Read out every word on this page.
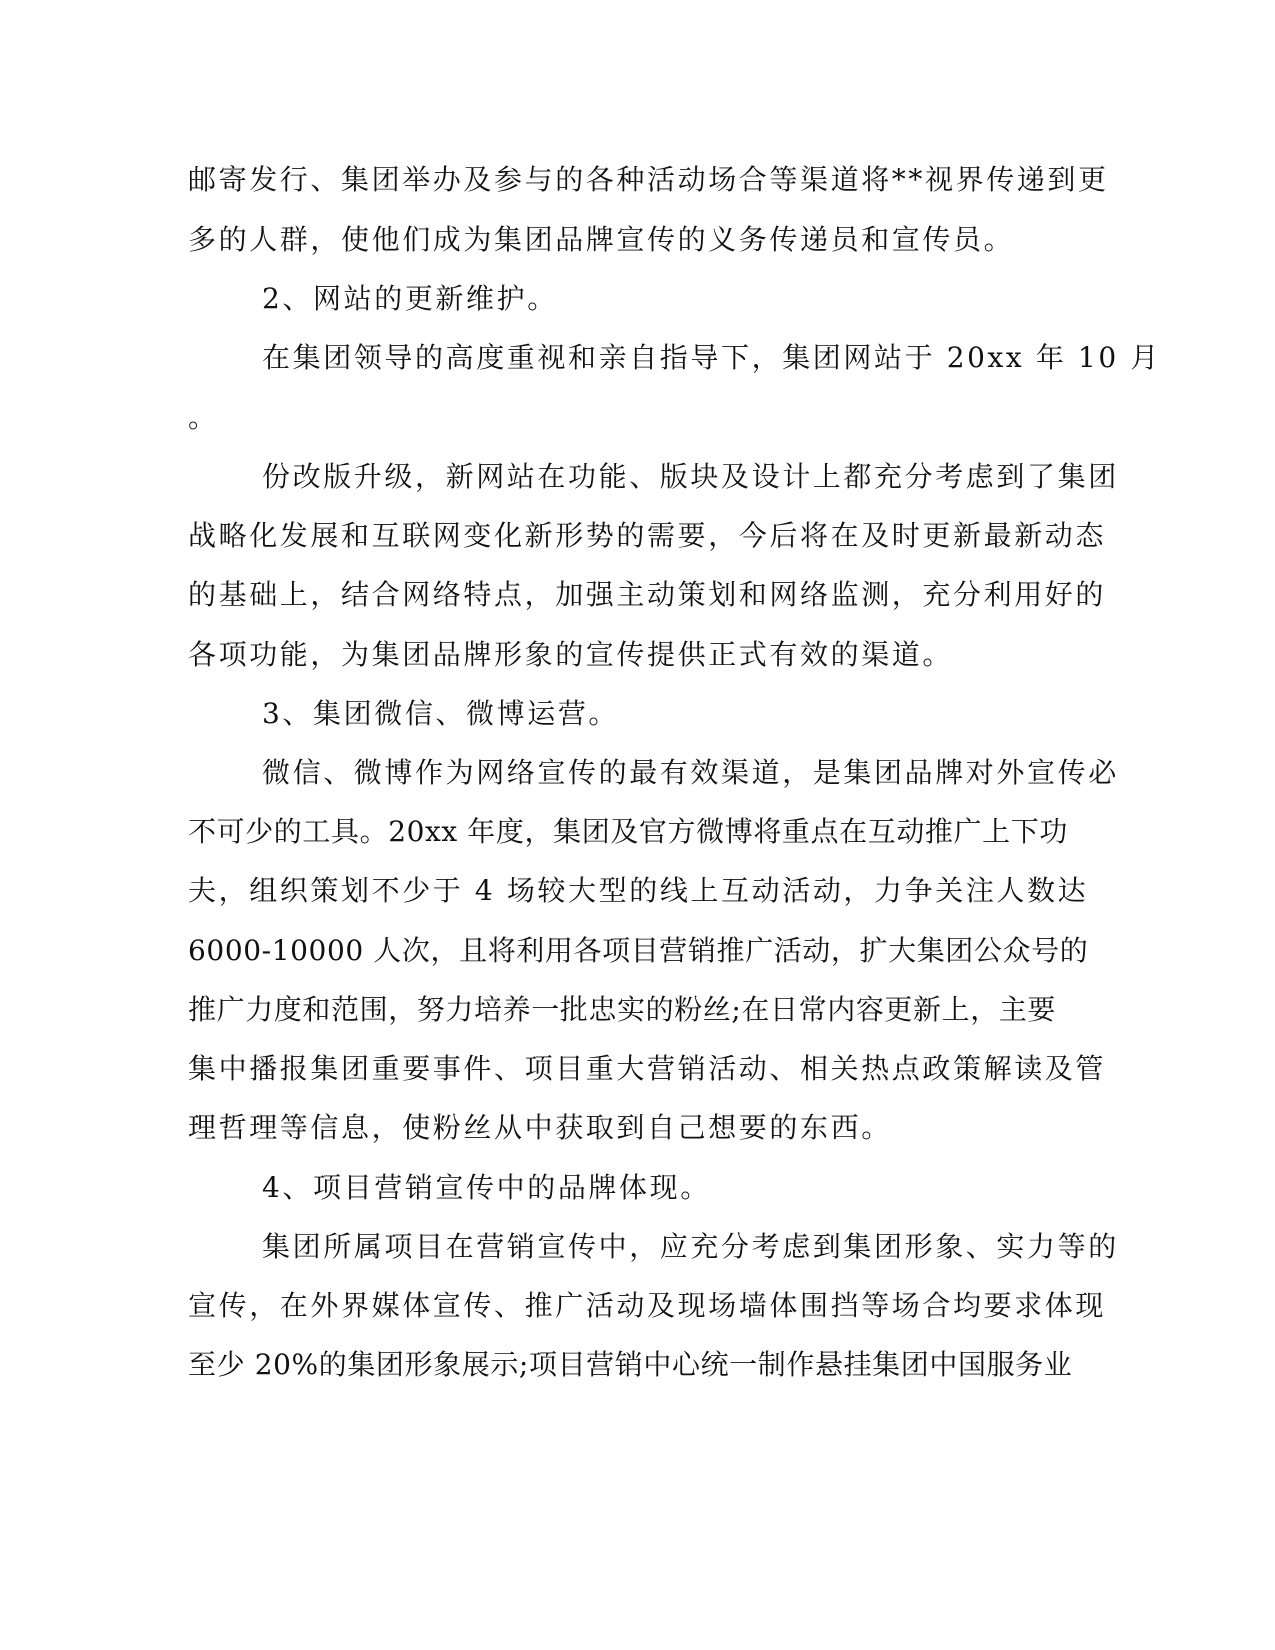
邮寄发行、集团举办及参与的各种活动场合等渠道将**视界传递到更
多的人群，使他们成为集团品牌宣传的义务传递员和宣传员。
2、网站的更新维护。
在集团领导的高度重视和亲自指导下，集团网站于 20xx 年 10 月
。
份改版升级，新网站在功能、版块及设计上都充分考虑到了集团
战略化发展和互联网变化新形势的需要，今后将在及时更新最新动态
的基础上，结合网络特点，加强主动策划和网络监测，充分利用好的
各项功能，为集团品牌形象的宣传提供正式有效的渠道。
3、集团微信、微博运营。
微信、微博作为网络宣传的最有效渠道，是集团品牌对外宣传必
不可少的工具。20xx 年度，集团及官方微博将重点在互动推广上下功
夫，组织策划不少于 4 场较大型的线上互动活动，力争关注人数达
6000-10000 人次，且将利用各项目营销推广活动，扩大集团公众号的
推广力度和范围，努力培养一批忠实的粉丝;在日常内容更新上，主要
集中播报集团重要事件、项目重大营销活动、相关热点政策解读及管
理哲理等信息，使粉丝从中获取到自己想要的东西。
4、项目营销宣传中的品牌体现。
集团所属项目在营销宣传中，应充分考虑到集团形象、实力等的
宣传，在外界媒体宣传、推广活动及现场墙体围挡等场合均要求体现
至少 20%的集团形象展示;项目营销中心统一制作悬挂集团中国服务业
